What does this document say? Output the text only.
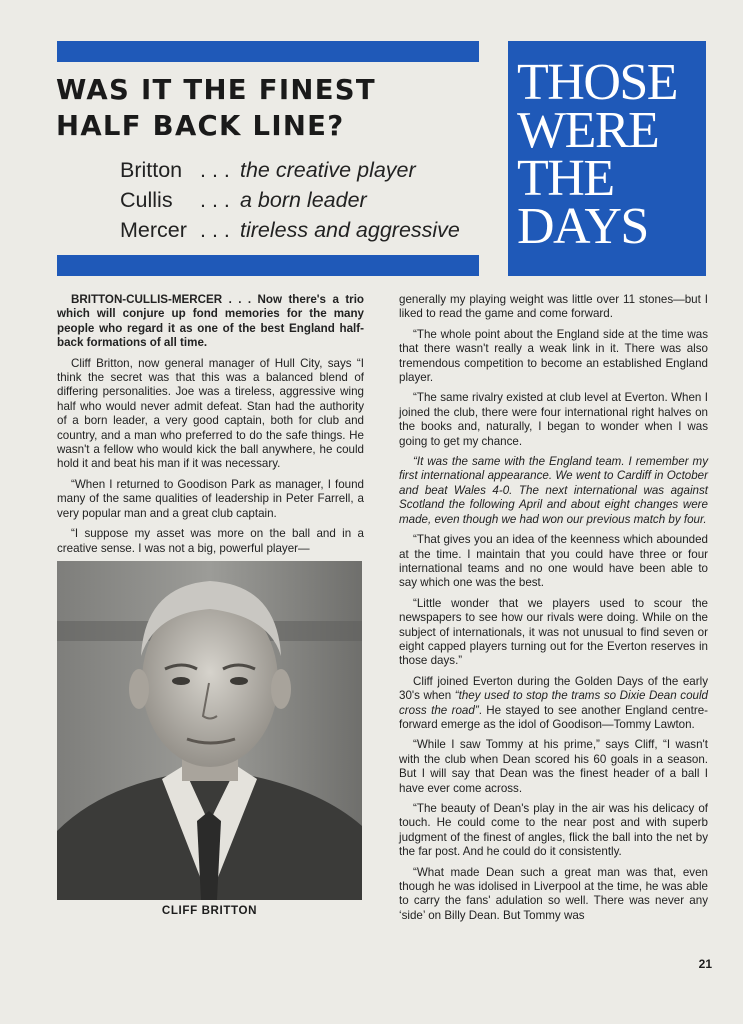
WAS IT THE FINEST
HALF BACK LINE?
Britton . . . the creative player
Cullis . . . a born leader
Mercer . . . tireless and aggressive
THOSE
WERE
THE
DAYS

BRITTON-CULLIS-MERCER . . . Now there's a trio which will conjure up fond memories for the many people who regard it as one of the best England half-back formations of all time.

Cliff Britton, now general manager of Hull City, says “I think the secret was that this was a balanced blend of differing personalities. Joe was a tireless, aggressive wing half who would never admit defeat. Stan had the authority of a born leader, a very good captain, both for club and country, and a man who preferred to do the safe things. He wasn't a fellow who would kick the ball anywhere, he could hold it and beat his man if it was necessary.

“When I returned to Goodison Park as manager, I found many of the same qualities of leadership in Peter Farrell, a very popular man and a great club captain.

“I suppose my asset was more on the ball and in a creative sense. I was not a big, powerful player—

CLIFF BRITTON

generally my playing weight was little over 11 stones—but I liked to read the game and come forward.

“The whole point about the England side at the time was that there wasn't really a weak link in it. There was also tremendous competition to become an established England player.

“The same rivalry existed at club level at Everton. When I joined the club, there were four international right halves on the books and, naturally, I began to wonder when I was going to get my chance.

“It was the same with the England team. I remember my first international appearance. We went to Cardiff in October and beat Wales 4-0. The next international was against Scotland the following April and about eight changes were made, even though we had won our previous match by four.

“That gives you an idea of the keenness which abounded at the time. I maintain that you could have three or four international teams and no one would have been able to say which one was the best.

“Little wonder that we players used to scour the newspapers to see how our rivals were doing. While on the subject of internationals, it was not unusual to find seven or eight capped players turning out for the Everton reserves in those days.”

Cliff joined Everton during the Golden Days of the early 30's when “they used to stop the trams so Dixie Dean could cross the road”. He stayed to see another England centre-forward emerge as the idol of Goodison—Tommy Lawton.

“While I saw Tommy at his prime,” says Cliff, “I wasn't with the club when Dean scored his 60 goals in a season. But I will say that Dean was the finest header of a ball I have ever come across.

“The beauty of Dean's play in the air was his delicacy of touch. He could come to the near post and with superb judgment of the finest of angles, flick the ball into the net by the far post. And he could do it consistently.

“What made Dean such a great man was that, even though he was idolised in Liverpool at the time, he was able to carry the fans' adulation so well. There was never any ‘side’ on Billy Dean. But Tommy was

21
